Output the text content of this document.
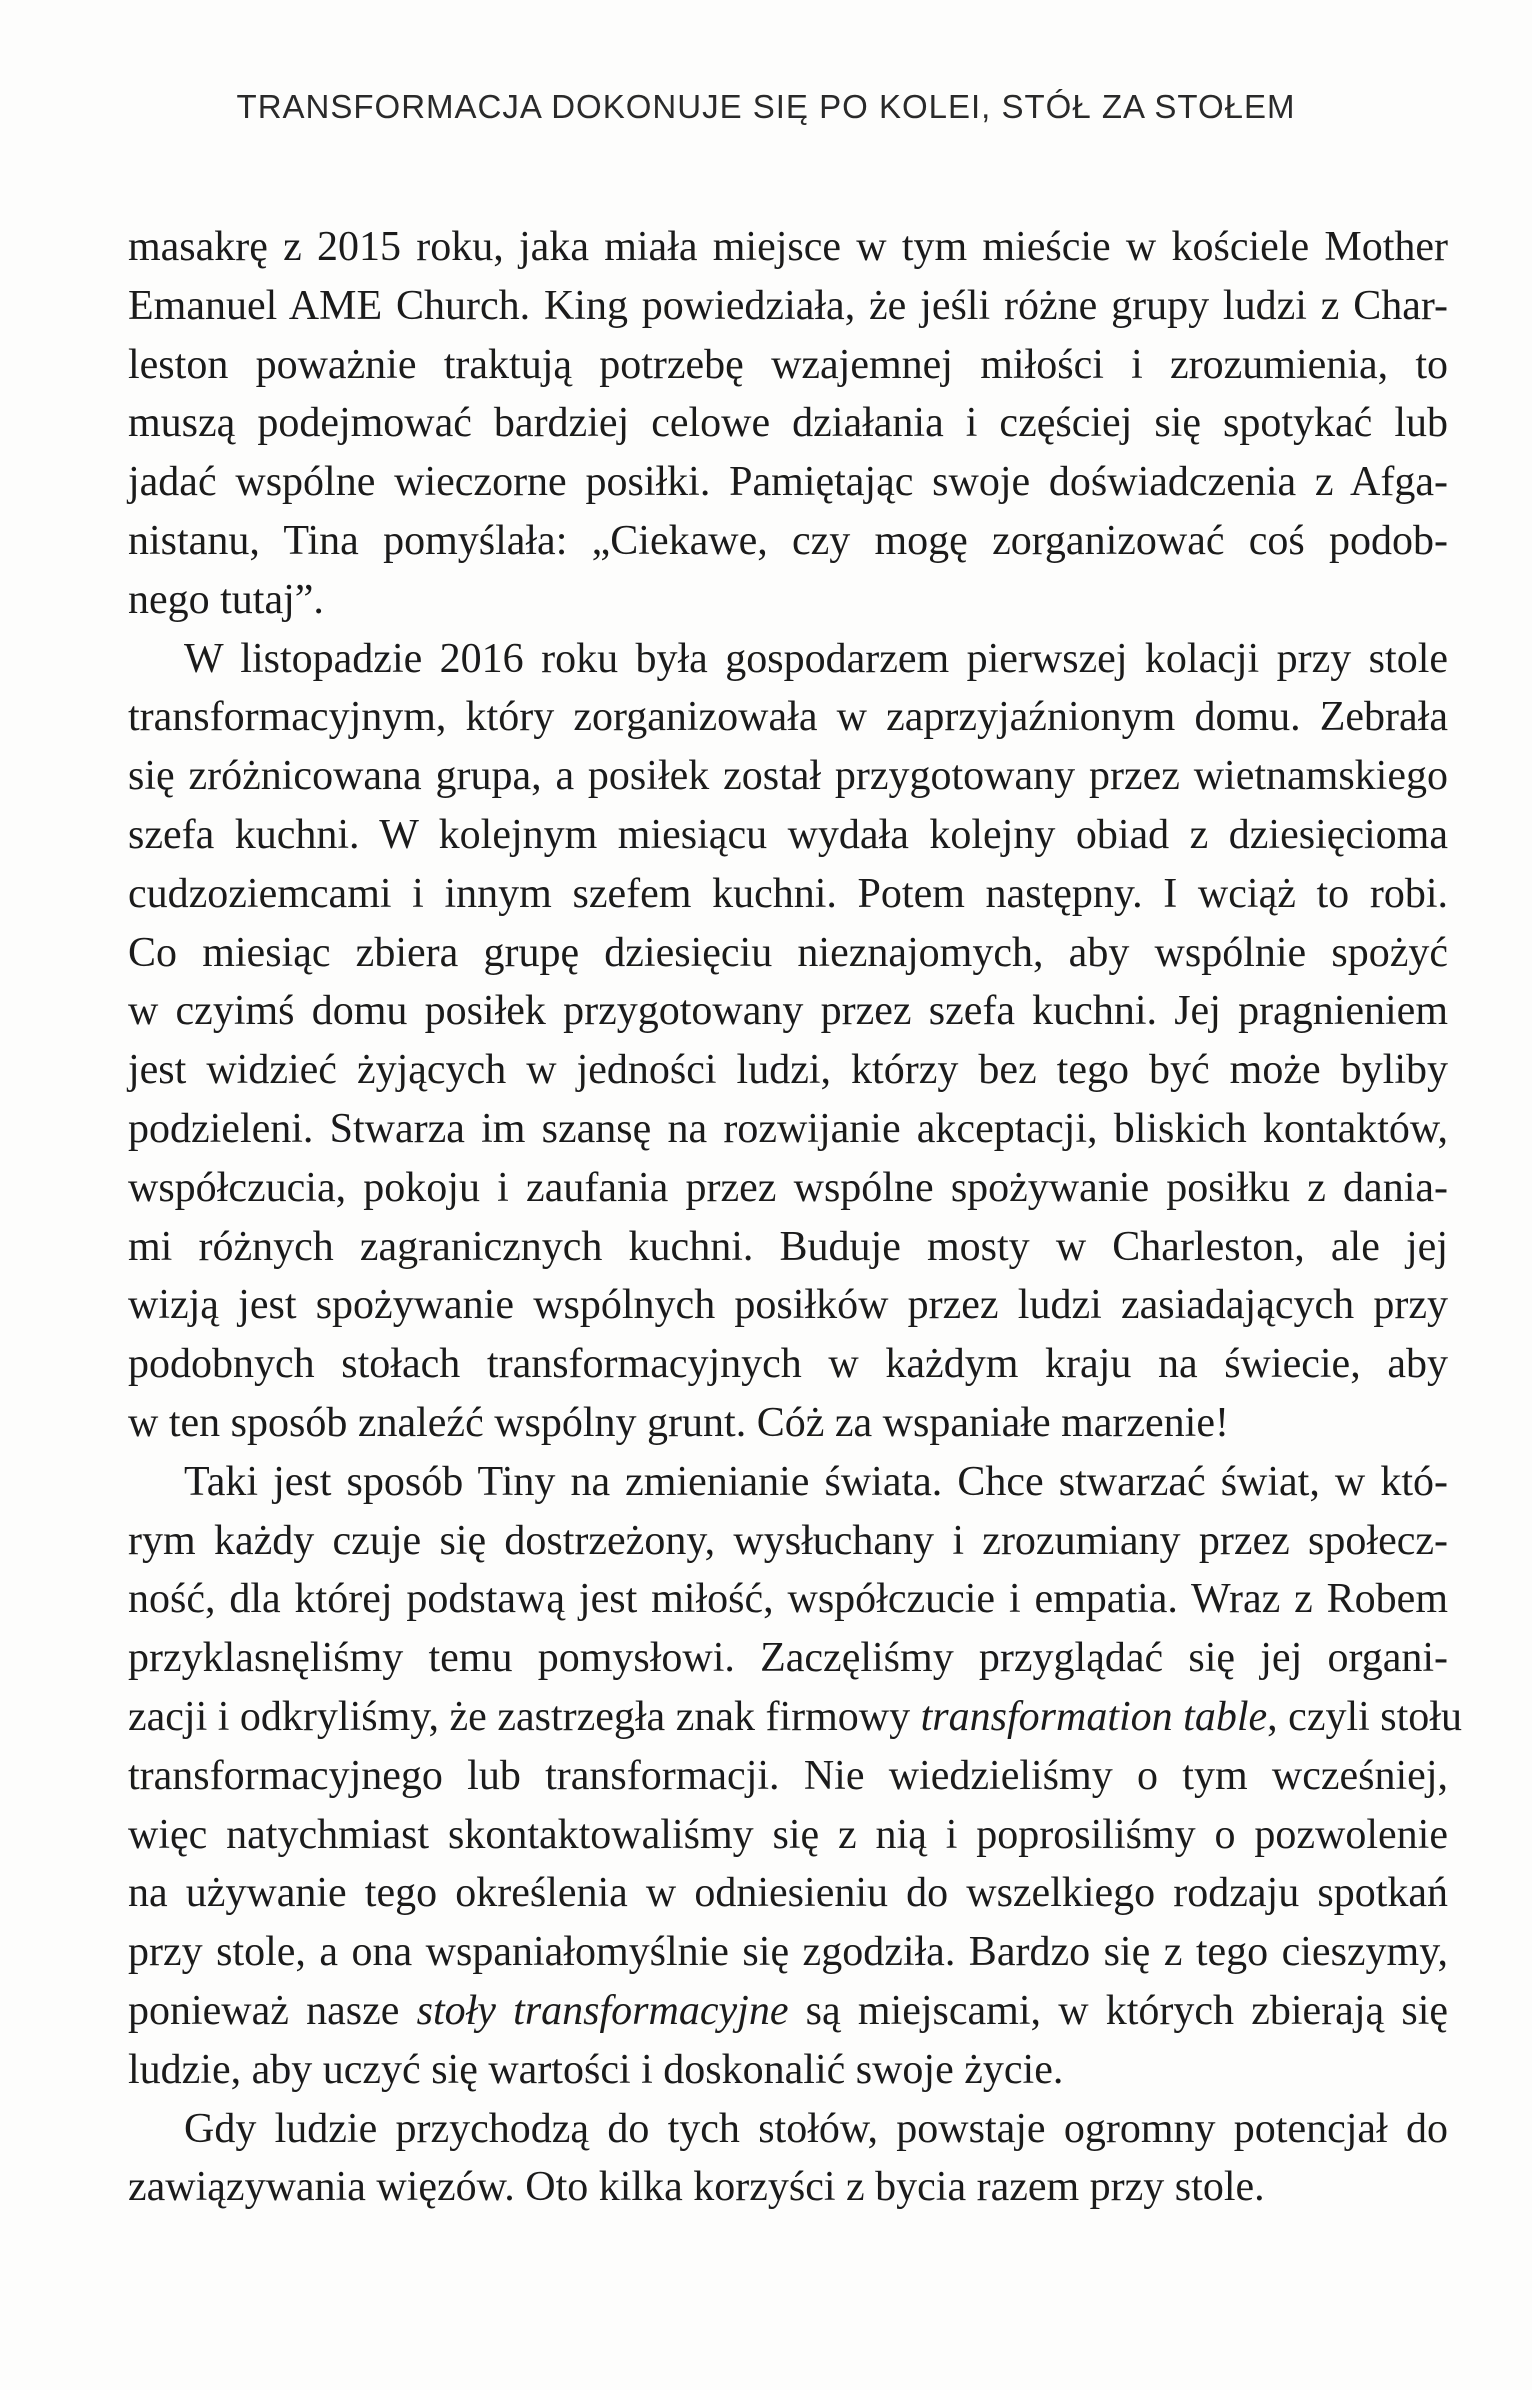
TRANSFORMACJA DOKONUJE SIĘ PO KOLEI, STÓŁ ZA STOŁEM
masakrę z 2015 roku, jaka miała miejsce w tym mieście w kościele Mother
Emanuel AME Church. King powiedziała, że jeśli różne grupy ludzi z Char-
leston poważnie traktują potrzebę wzajemnej miłości i zrozumienia, to
muszą podejmować bardziej celowe działania i częściej się spotykać lub
jadać wspólne wieczorne posiłki. Pamiętając swoje doświadczenia z Afga-
nistanu, Tina pomyślała: „Ciekawe, czy mogę zorganizować coś podob-
nego tutaj”.
W listopadzie 2016 roku była gospodarzem pierwszej kolacji przy stole
transformacyjnym, który zorganizowała w zaprzyjaźnionym domu. Zebrała
się zróżnicowana grupa, a posiłek został przygotowany przez wietnamskiego
szefa kuchni. W kolejnym miesiącu wydała kolejny obiad z dziesięcioma
cudzoziemcami i innym szefem kuchni. Potem następny. I wciąż to robi.
Co miesiąc zbiera grupę dziesięciu nieznajomych, aby wspólnie spożyć
w czyimś domu posiłek przygotowany przez szefa kuchni. Jej pragnieniem
jest widzieć żyjących w jedności ludzi, którzy bez tego być może byliby
podzieleni. Stwarza im szansę na rozwijanie akceptacji, bliskich kontaktów,
współczucia, pokoju i zaufania przez wspólne spożywanie posiłku z dania-
mi różnych zagranicznych kuchni. Buduje mosty w Charleston, ale jej
wizją jest spożywanie wspólnych posiłków przez ludzi zasiadających przy
podobnych stołach transformacyjnych w każdym kraju na świecie, aby
w ten sposób znaleźć wspólny grunt. Cóż za wspaniałe marzenie!
Taki jest sposób Tiny na zmienianie świata. Chce stwarzać świat, w któ-
rym każdy czuje się dostrzeżony, wysłuchany i zrozumiany przez społecz-
ność, dla której podstawą jest miłość, współczucie i empatia. Wraz z Robem
przyklasnęliśmy temu pomysłowi. Zaczęliśmy przyglądać się jej organi-
zacji i odkryliśmy, że zastrzegła znak firmowy transformation table, czyli stołu
transformacyjnego lub transformacji. Nie wiedzieliśmy o tym wcześniej,
więc natychmiast skontaktowaliśmy się z nią i poprosiliśmy o pozwolenie
na używanie tego określenia w odniesieniu do wszelkiego rodzaju spotkań
przy stole, a ona wspaniałomyślnie się zgodziła. Bardzo się z tego cieszymy,
ponieważ nasze stoły transformacyjne są miejscami, w których zbierają się
ludzie, aby uczyć się wartości i doskonalić swoje życie.
Gdy ludzie przychodzą do tych stołów, powstaje ogromny potencjał do
zawiązywania więzów. Oto kilka korzyści z bycia razem przy stole.
